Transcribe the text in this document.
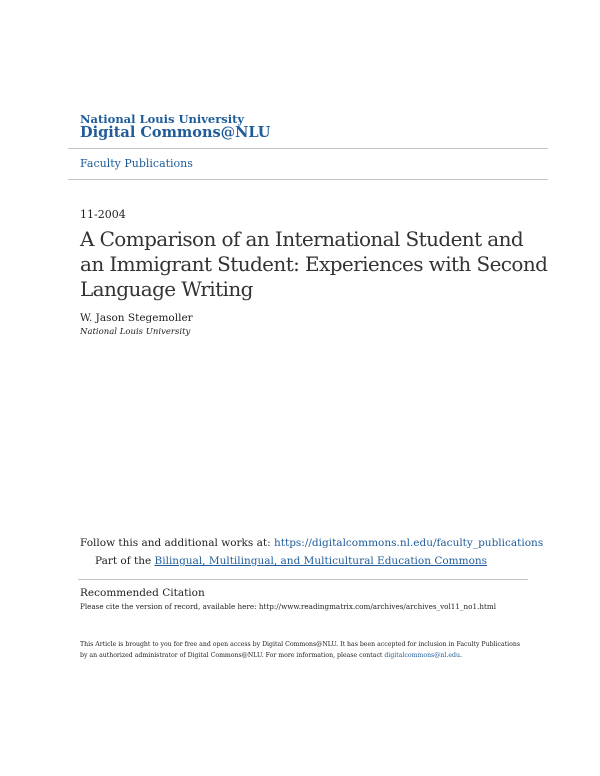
National Louis University
Digital Commons@NLU
Faculty Publications
11-2004
A Comparison of an International Student and an Immigrant Student: Experiences with Second Language Writing
W. Jason Stegemoller
National Louis University
Follow this and additional works at: https://digitalcommons.nl.edu/faculty_publications
Part of the Bilingual, Multilingual, and Multicultural Education Commons
Recommended Citation
Please cite the version of record, available here: http://www.readingmatrix.com/archives/archives_vol11_no1.html
This Article is brought to you for free and open access by Digital Commons@NLU. It has been accepted for inclusion in Faculty Publications by an authorized administrator of Digital Commons@NLU. For more information, please contact digitalcommons@nl.edu.
